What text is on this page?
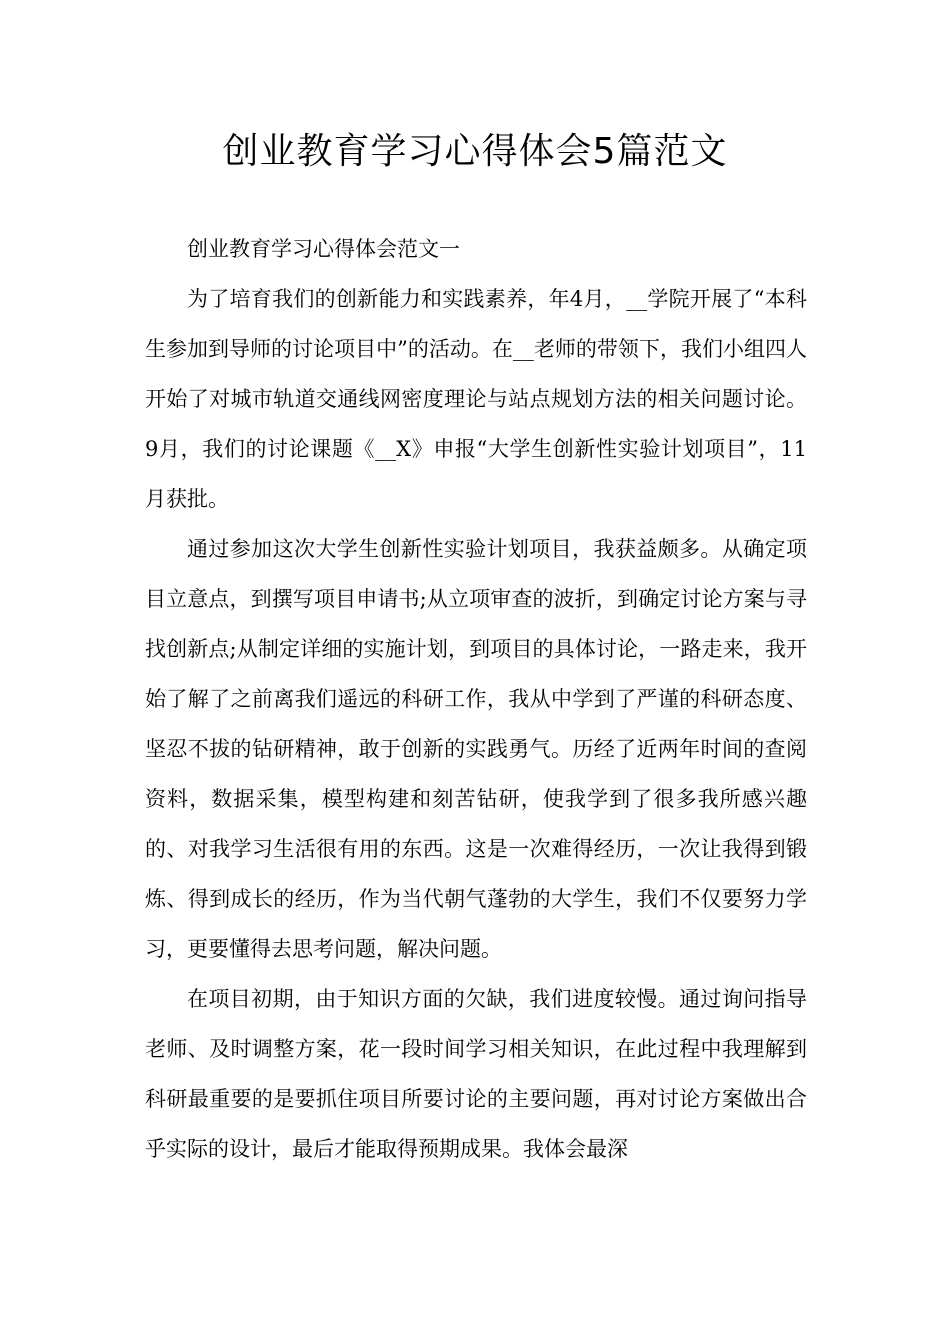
创业教育学习心得体会5篇范文

创业教育学习心得体会范文一

为了培育我们的创新能力和实践素养，年4月，__学院开展了“本科生参加到导师的讨论项目中”的活动。在__老师的带领下，我们小组四人开始了对城市轨道交通线网密度理论与站点规划方法的相关问题讨论。9月，我们的讨论课题《__X》申报“大学生创新性实验计划项目”，11月获批。

通过参加这次大学生创新性实验计划项目，我获益颇多。从确定项目立意点，到撰写项目申请书;从立项审查的波折，到确定讨论方案与寻找创新点;从制定详细的实施计划，到项目的具体讨论，一路走来，我开始了解了之前离我们遥远的科研工作，我从中学到了严谨的科研态度、坚忍不拔的钻研精神，敢于创新的实践勇气。历经了近两年时间的查阅资料，数据采集，模型构建和刻苦钻研，使我学到了很多我所感兴趣的、对我学习生活很有用的东西。这是一次难得经历，一次让我得到锻炼、得到成长的经历，作为当代朝气蓬勃的大学生，我们不仅要努力学习，更要懂得去思考问题，解决问题。

在项目初期，由于知识方面的欠缺，我们进度较慢。通过询问指导老师、及时调整方案，花一段时间学习相关知识，在此过程中我理解到科研最重要的是要抓住项目所要讨论的主要问题，再对讨论方案做出合乎实际的设计，最后才能取得预期成果。我体会最深
